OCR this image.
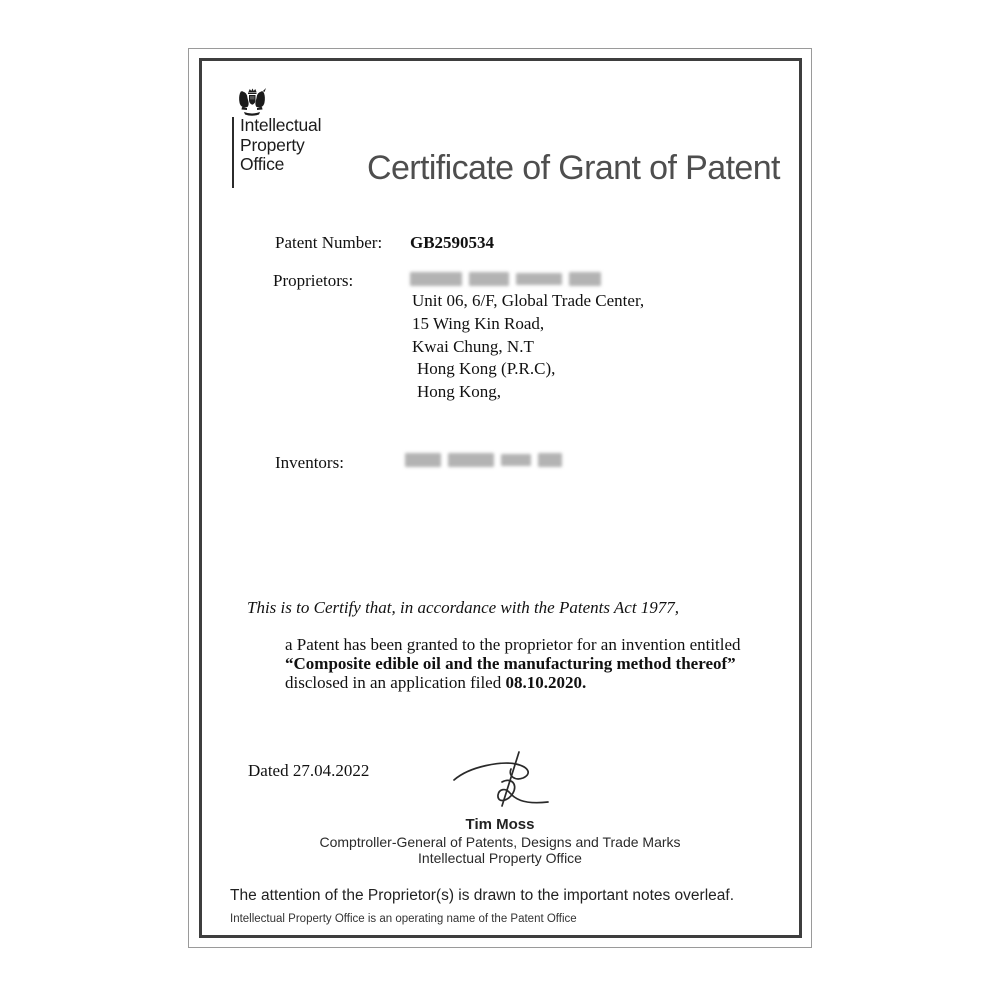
Intellectual
Property
Office	Certificate of Grant of Patent
Patent Number: GB2590534
Proprietors:
Unit 06, 6/F, Global Trade Center,
15 Wing Kin Road,
Kwai Chung, N.T
Hong Kong (P.R.C),
Hong Kong,
Inventors:
This is to Certify that, in accordance with the Patents Act 1977,
a Patent has been granted to the proprietor for an invention entitled
“Composite edible oil and the manufacturing method thereof”
disclosed in an application filed 08.10.2020.
Dated 27.04.2022
Tim Moss
Comptroller-General of Patents, Designs and Trade Marks
Intellectual Property Office
The attention of the Proprietor(s) is drawn to the important notes overleaf.
Intellectual Property Office is an operating name of the Patent Office
